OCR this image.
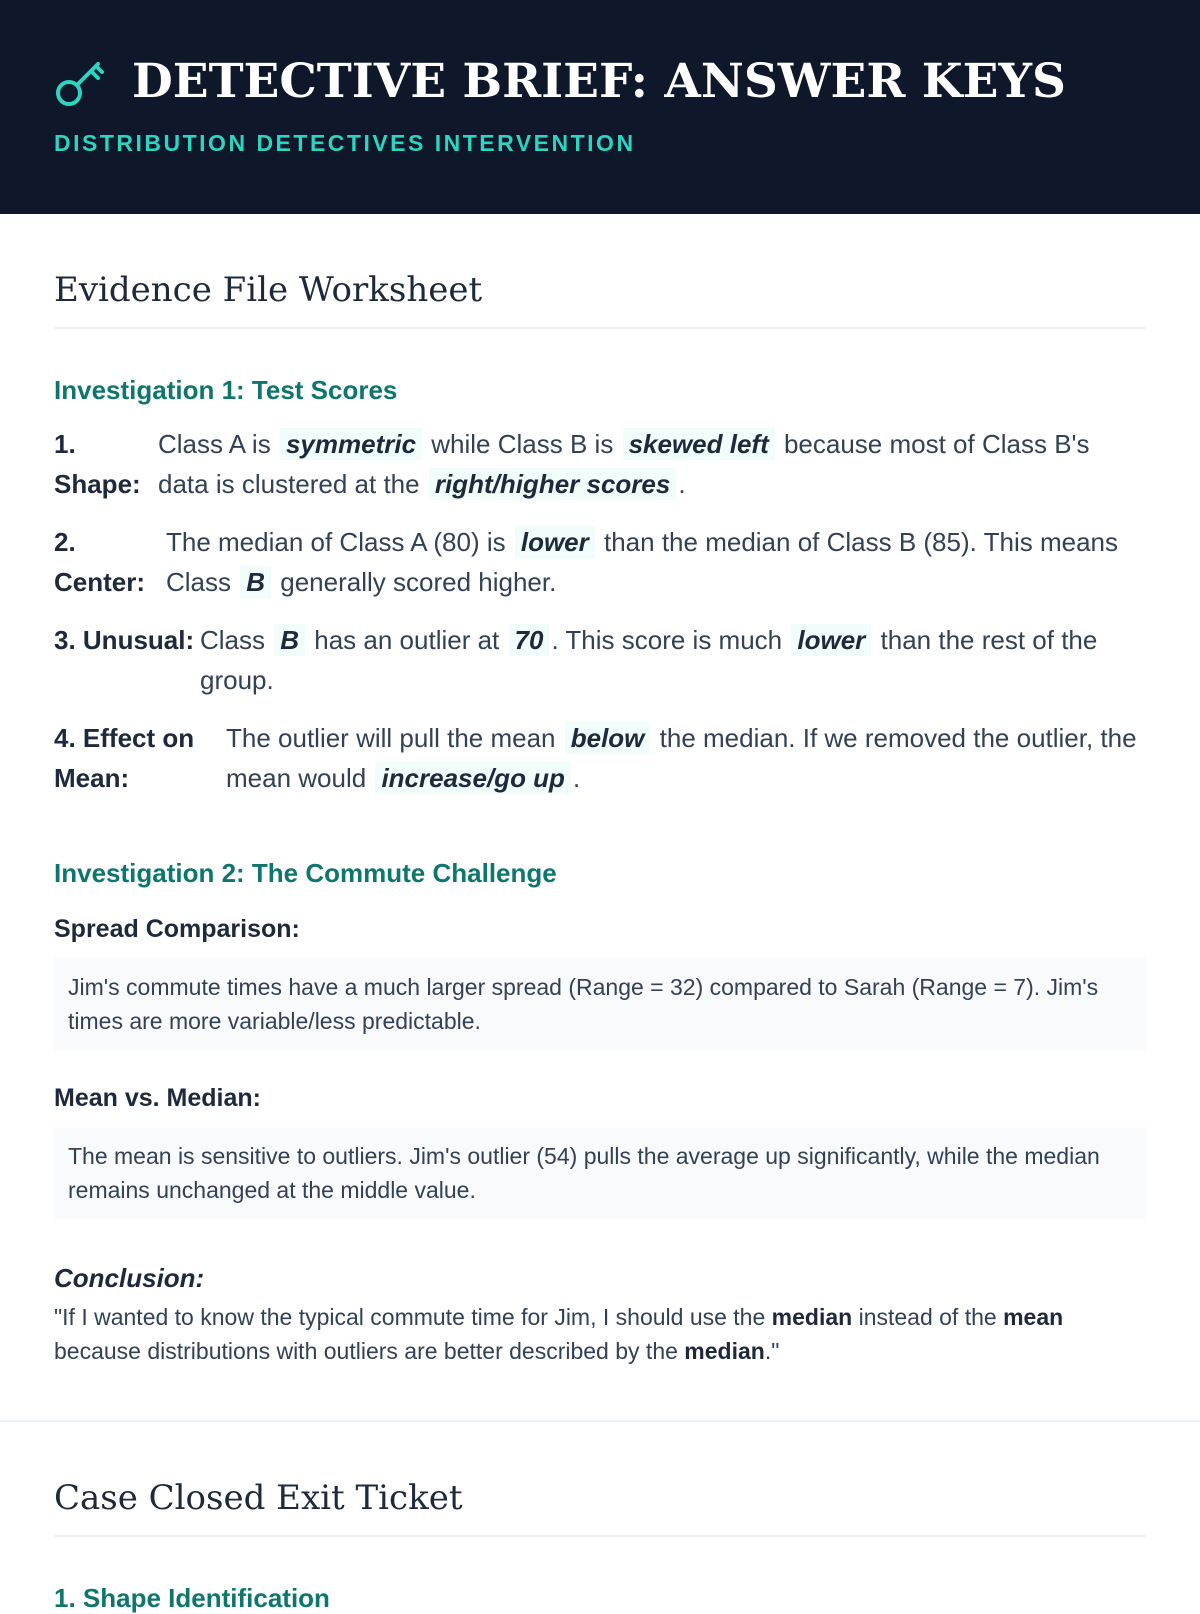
DETECTIVE BRIEF: ANSWER KEYS
DISTRIBUTION DETECTIVES INTERVENTION
Evidence File Worksheet
Investigation 1: Test Scores
1. Shape:
Class A is symmetric while Class B is skewed left because most of Class B's data is clustered at the right/higher scores .
2. Center:
The median of Class A (80) is lower than the median of Class B (85). This means Class B generally scored higher.
3. Unusual: Class B has an outlier at 70 . This score is much lower than the rest of the group.
4. Effect on Mean:
The outlier will pull the mean below the median. If we removed the outlier, the mean would increase/go up .
Investigation 2: The Commute Challenge
Spread Comparison:
Jim's commute times have a much larger spread (Range = 32) compared to Sarah (Range = 7). Jim's times are more variable/less predictable.
Mean vs. Median:
The mean is sensitive to outliers. Jim's outlier (54) pulls the average up significantly, while the median remains unchanged at the middle value.
Conclusion:
"If I wanted to know the typical commute time for Jim, I should use the median instead of the mean because distributions with outliers are better described by the median."
Case Closed Exit Ticket
1. Shape Identification
